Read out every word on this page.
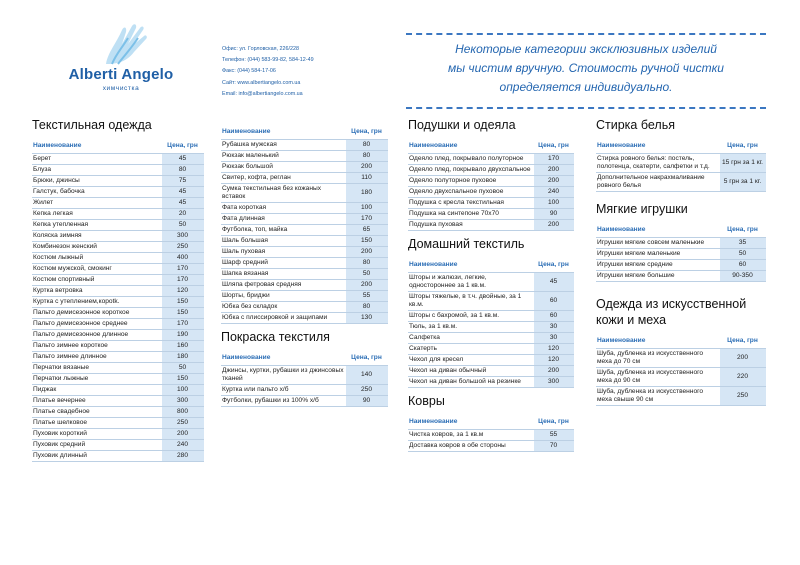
Alberti Angelo
химчистка
Офис: ул. Горловская, 226/228
Телефон: (044) 583-99-82, 584-12-49
Факс: (044) 584-17-06
Сайт: www.albertiangelo.com.ua
Email: info@albertiangelo.com.ua
Некоторые категории эксклюзивных изделий
мы чистим вручную. Стоимость ручной чистки
определяется индивидуально.
Текстильная одежда
Наименование	Цена, грн
Берет	45
Блуза	80
Брюки, джинсы	75
Галстук, бабочка	45
Жилет	45
Кепка легкая	20
Кепка утепленная	50
Коляска зимняя	300
Комбинезон женский	250
Костюм лыжный	400
Костюм мужской, смокинг	170
Костюм спортивный	170
Куртка ветровка	120
Куртка с утеплением,корotk.	150
Пальто демисезонное короткое	150
Пальто демисезонное среднее	170
Пальто демисезонное длинное	190
Пальто зимнее короткое	160
Пальто зимнее длинное	180
Перчатки вязаные	50
Перчатки лыжные	150
Пиджак	100
Платье вечернее	300
Платье свадебное	800
Платье шелковое	250
Пуховик короткий	200
Пуховик средний	240
Пуховик длинный	280
Наименование	Цена, грн
Рубашка мужская	80
Рюкзак маленький	80
Рюкзак большой	200
Свитер, кофта, реглан	110
Сумка текстильная без кожаных вставок	180
Фата короткая	100
Фата длинная	170
Футболка, топ, майка	65
Шаль большая	150
Шаль пуховая	200
Шарф средний	80
Шапка вязаная	50
Шляпа фетровая средняя	200
Шорты, бриджи	55
Юбка без складок	80
Юбка с плиссировкой и защипами	130
Покраска текстиля
Наименование	Цена, грн
Джинсы, куртки, рубашки из джинсовых тканей	140
Куртка или пальто х/б	250
Футболки, рубашки из 100% х/б	90
Подушки и одеяла
Наименование	Цена, грн
Одеяло плед, покрывало полуторное	170
Одеяло плед, покрывало двухспальное	200
Одеяло полуторное пуховое	200
Одеяло двухспальное пуховое	240
Подушка с кресла текстильная	100
Подушка на синтепоне 70х70	90
Подушка пуховая	200
Домашний текстиль
Наименование	Цена, грн
Шторы и жалюзи, легкие, одностороннее за 1 кв.м.	45
Шторы тяжелые, в т.ч. двойные, за 1 кв.м.	60
Шторы с бахромой, за 1 кв.м.	60
Тюль, за 1 кв.м.	30
Салфетка	30
Скатерть	120
Чехол для кресел	120
Чехол на диван обычный	200
Чехол на диван большой на резинке	300
Ковры
Наименование	Цена, грн
Чистка ковров, за 1 кв.м	55
Доставка ковров в обе стороны	70
Стирка белья
Наименование	Цена, грн
Стирка ровного белья: постель, полотенца, скатерти, салфетки и т.д.	15 грн за 1 кг.
Дополнительное накрахмаливание ровного белья	5 грн за 1 кг.
Мягкие игрушки
Наименование	Цена, грн
Игрушки мягкие совсем маленькие	35
Игрушки мягкие маленькие	50
Игрушки мягкие средние	60
Игрушки мягкие большие	90-350
Одежда из искусственной кожи и меха
Наименование	Цена, грн
Шуба, дубленка из искусственного меха до 70 см	200
Шуба, дубленка из искусственного меха до 90 см	220
Шуба, дубленка из искусственного меха свыше 90 см	250
